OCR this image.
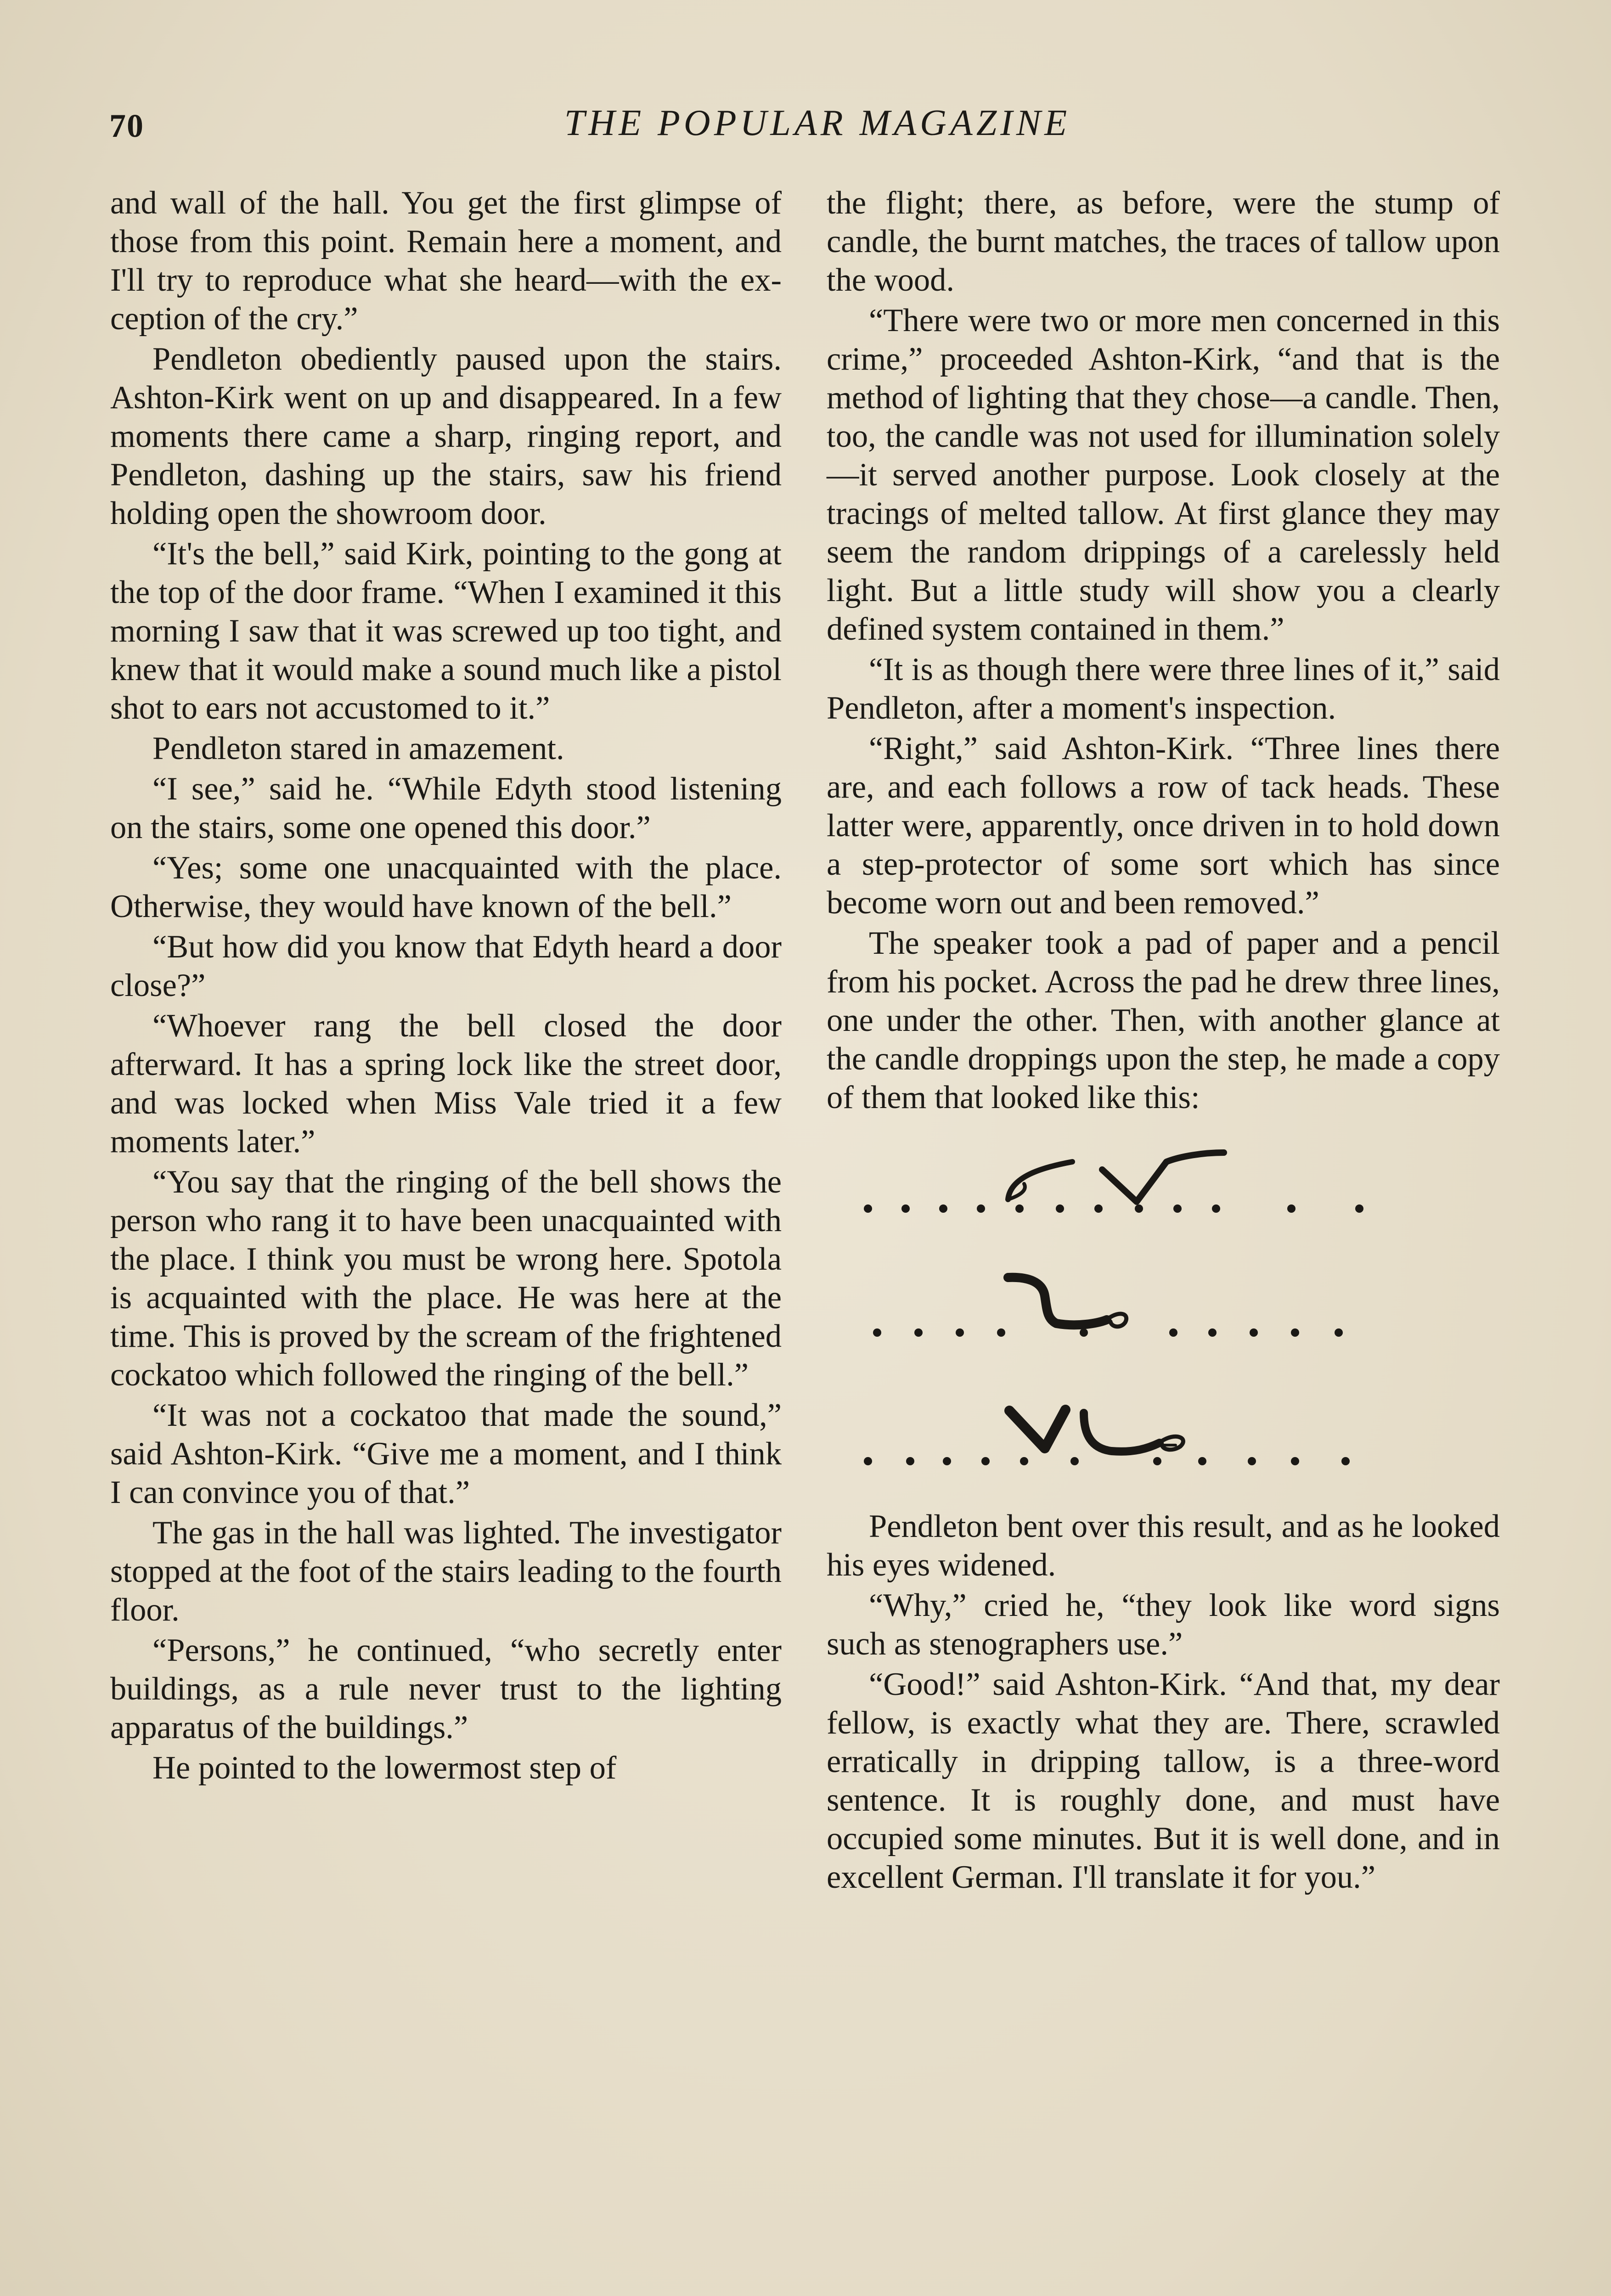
70	THE POPULAR MAGAZINE

and wall of the hall. You get the first glimpse of those from this point. Remain here a moment, and I'll try to reproduce what she heard—with the exception of the cry.”

Pendleton obediently paused upon the stairs. Ashton-Kirk went on up and disappeared. In a few moments there came a sharp, ringing report, and Pendleton, dashing up the stairs, saw his friend holding open the showroom door.

“It's the bell,” said Kirk, pointing to the gong at the top of the door frame. “When I examined it this morning I saw that it was screwed up too tight, and knew that it would make a sound much like a pistol shot to ears not accustomed to it.”

Pendleton stared in amazement.

“I see,” said he. “While Edyth stood listening on the stairs, some one opened this door.”

“Yes; some one unacquainted with the place. Otherwise, they would have known of the bell.”

“But how did you know that Edyth heard a door close?”

“Whoever rang the bell closed the door afterward. It has a spring lock like the street door, and was locked when Miss Vale tried it a few moments later.”

“You say that the ringing of the bell shows the person who rang it to have been unacquainted with the place. I think you must be wrong here. Spotola is acquainted with the place. He was here at the time. This is proved by the scream of the frightened cockatoo which followed the ringing of the bell.”

“It was not a cockatoo that made the sound,” said Ashton-Kirk. “Give me a moment, and I think I can convince you of that.”

The gas in the hall was lighted. The investigator stopped at the foot of the stairs leading to the fourth floor.

“Persons,” he continued, “who secretly enter buildings, as a rule never trust to the lighting apparatus of the buildings.”

He pointed to the lowermost step of

the flight; there, as before, were the stump of candle, the burnt matches, the traces of tallow upon the wood.

“There were two or more men concerned in this crime,” proceeded Ashton-Kirk, “and that is the method of lighting that they chose—a candle. Then, too, the candle was not used for illumination solely—it served another purpose. Look closely at the tracings of melted tallow. At first glance they may seem the random drippings of a carelessly held light. But a little study will show you a clearly defined system contained in them.”

“It is as though there were three lines of it,” said Pendleton, after a moment's inspection.

“Right,” said Ashton-Kirk. “Three lines there are, and each follows a row of tack heads. These latter were, apparently, once driven in to hold down a step-protector of some sort which has since become worn out and been removed.”

The speaker took a pad of paper and a pencil from his pocket. Across the pad he drew three lines, one under the other. Then, with another glance at the candle droppings upon the step, he made a copy of them that looked like this:

Pendleton bent over this result, and as he looked his eyes widened.

“Why,” cried he, “they look like word signs such as stenographers use.”

“Good!” said Ashton-Kirk. “And that, my dear fellow, is exactly what they are. There, scrawled erratically in dripping tallow, is a three-word sentence. It is roughly done, and must have occupied some minutes. But it is well done, and in excellent German. I'll translate it for you.”
